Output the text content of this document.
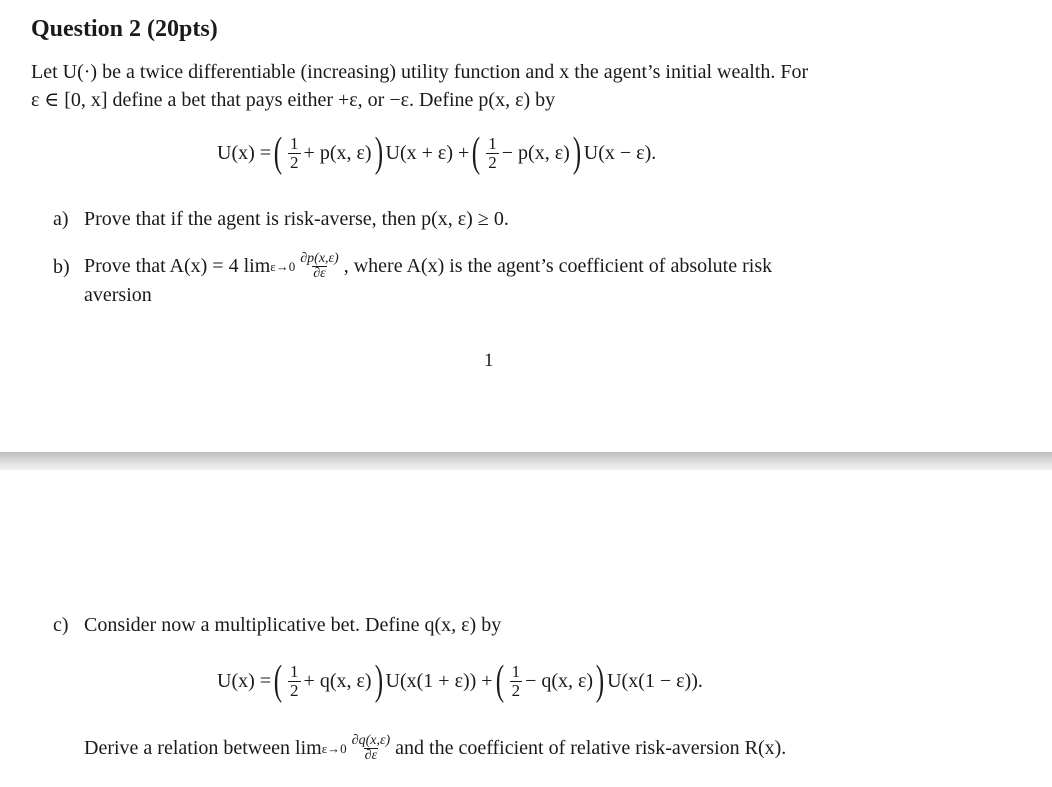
Question 2 (20pts)
Let U(·) be a twice differentiable (increasing) utility function and x the agent’s initial wealth. For
ε ∈ [0, x] define a bet that pays either +ε, or −ε. Define p(x, ε) by
U(x) = ( $\frac{1}{2} + p(x$, ε) ) U(x + ε) + ( $\frac{1}{2} - p(x$, ε) ) U(x − ε).
a) Prove that if the agent is risk-averse, then p(x, ε) ≥ 0.
b) Prove that A(x) = 4 lim ε→0 ∂p(x,ε)
∂ε , where A(x) is the agent’s coefficient of absolute risk
aversion
1
c) Consider now a multiplicative bet. Define q(x, ε) by
U(x) = ( $\frac{1}{2} + q(x$, ε) ) U(x(1 + ε)) + ( $\frac{1}{2} - q(x$, ε) ) U(x(1 − ε)).
Derive a relation between lim ε→0 ∂q(x,ε)
∂ε and the coefficient of relative risk-aversion R(x).
